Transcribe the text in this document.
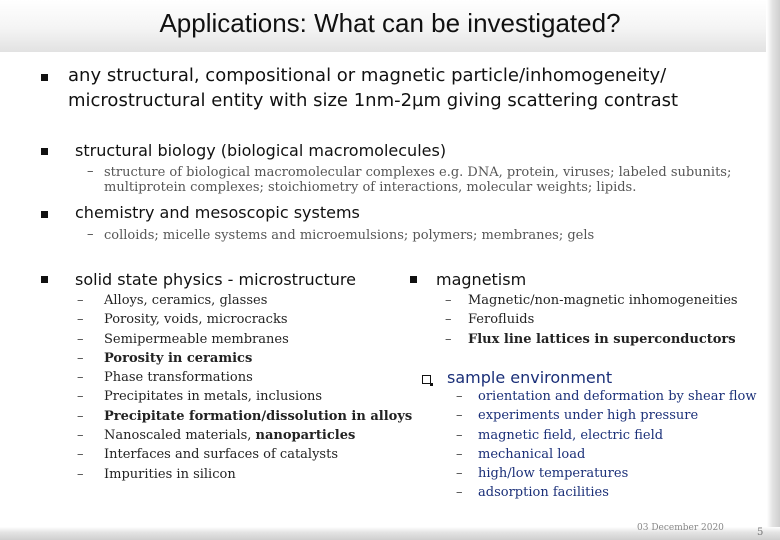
Applications: What can be investigated?
any structural, compositional or magnetic particle/inhomogeneity/
microstructural entity with size 1nm-2µm giving scattering contrast
structural biology (biological macromolecules)
– structure of biological macromolecular complexes e.g. DNA, protein, viruses; labeled subunits;
multiprotein complexes; stoichiometry of interactions, molecular weights; lipids.
chemistry and mesoscopic systems
– colloids; micelle systems and microemulsions; polymers; membranes; gels
solid state physics - microstructure
– Alloys, ceramics, glasses
– Porosity, voids, microcracks
– Semipermeable membranes
– Porosity in ceramics
– Phase transformations
– Precipitates in metals, inclusions
– Precipitate formation/dissolution in alloys
– Nanoscaled materials, nanoparticles
– Interfaces and surfaces of catalysts
– Impurities in silicon
magnetism
– Magnetic/non-magnetic inhomogeneities
– Ferofluids
– Flux line lattices in superconductors
sample environment
– orientation and deformation by shear flow
– experiments under high pressure
– magnetic field, electric field
– mechanical load
– high/low temperatures
– adsorption facilities
03 December 2020	5
